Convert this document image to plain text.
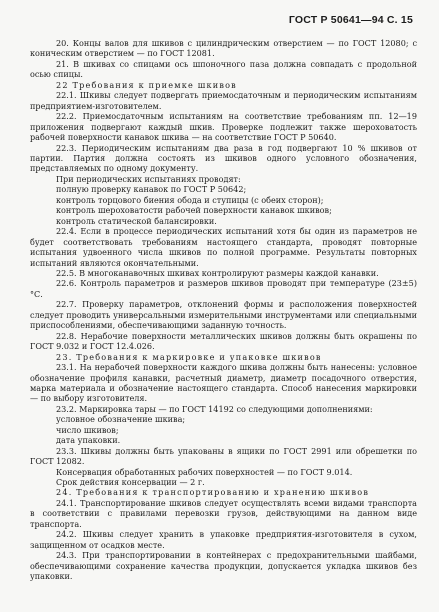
ГОСТ Р 50641—94 С. 15

20. Концы валов для шкивов с цилиндрическим отверстием — по ГОСТ 12080; с коническим отверстием — по ГОСТ 12081.

21. В шкивах со спицами ось шпоночного паза должна совпадать с продольной осью спицы.

22 Требования к приемке шкивов

22.1. Шкивы следует подвергать приемосдаточным и периодическим испытаниям предприятием-изготовителем.

22.2. Приемосдаточным испытаниям на соответствие требованиям пп. 12—19 приложения подвергают каждый шкив. Проверке подлежит также шероховатость рабочей поверхности канавок шкива — на соответствие ГОСТ Р 50640.

22.3. Периодическим испытаниям два раза в год подвергают 10 % шкивов от партии. Партия должна состоять из шкивов одного условного обозначения, представляемых по одному документу.

При периодических испытаниях проводят:

полную проверку канавок по ГОСТ Р 50642;

контроль торцового биения обода и ступицы (с обеих сторон);

контроль шероховатости рабочей поверхности канавок шкивов;

контроль статической балансировки.

22.4. Если в процессе периодических испытаний хотя бы один из параметров не будет соответствовать требованиям настоящего стандарта, проводят повторные испытания удвоенного числа шкивов по полной программе. Результаты повторных испытаний являются окончательными.

22.5. В многоканавочных шкивах контролируют размеры каждой канавки.

22.6. Контроль параметров и размеров шкивов проводят при температуре (23±5) °С.

22.7. Проверку параметров, отклонений формы и расположения поверхностей следует проводить универсальными измерительными инструментами или специальными приспособлениями, обеспечивающими заданную точность.

22.8. Нерабочие поверхности металлических шкивов должны быть окрашены по ГОСТ 9.032 и ГОСТ 12.4.026.

23. Требования к маркировке и упаковке шкивов

23.1. На нерабочей поверхности каждого шкива должны быть нанесены: условное обозначение профиля канавки, расчетный диаметр, диаметр посадочного отверстия, марка материала и обозначение настоящего стандарта. Способ нанесения маркировки — по выбору изготовителя.

23.2. Маркировка тары — по ГОСТ 14192 со следующими дополнениями:

условное обозначение шкива;

число шкивов;

дата упаковки.

23.3. Шкивы должны быть упакованы в ящики по ГОСТ 2991 или обрешетки по ГОСТ 12082.

Консервация обработанных рабочих поверхностей — по ГОСТ 9.014.

Срок действия консервации — 2 г.

24. Требования к транспортированию и хранению шкивов

24.1. Транспортирование шкивов следует осуществлять всеми видами транспорта в соответствии с правилами перевозки грузов, действующими на данном виде транспорта.

24.2. Шкивы следует хранить в упаковке предприятия-изготовителя в сухом, защищенном от осадков месте.

24.3. При транспортировании в контейнерах с предохранительными шайбами, обеспечивающими сохранение качества продукции, допускается укладка шкивов без упаковки.
